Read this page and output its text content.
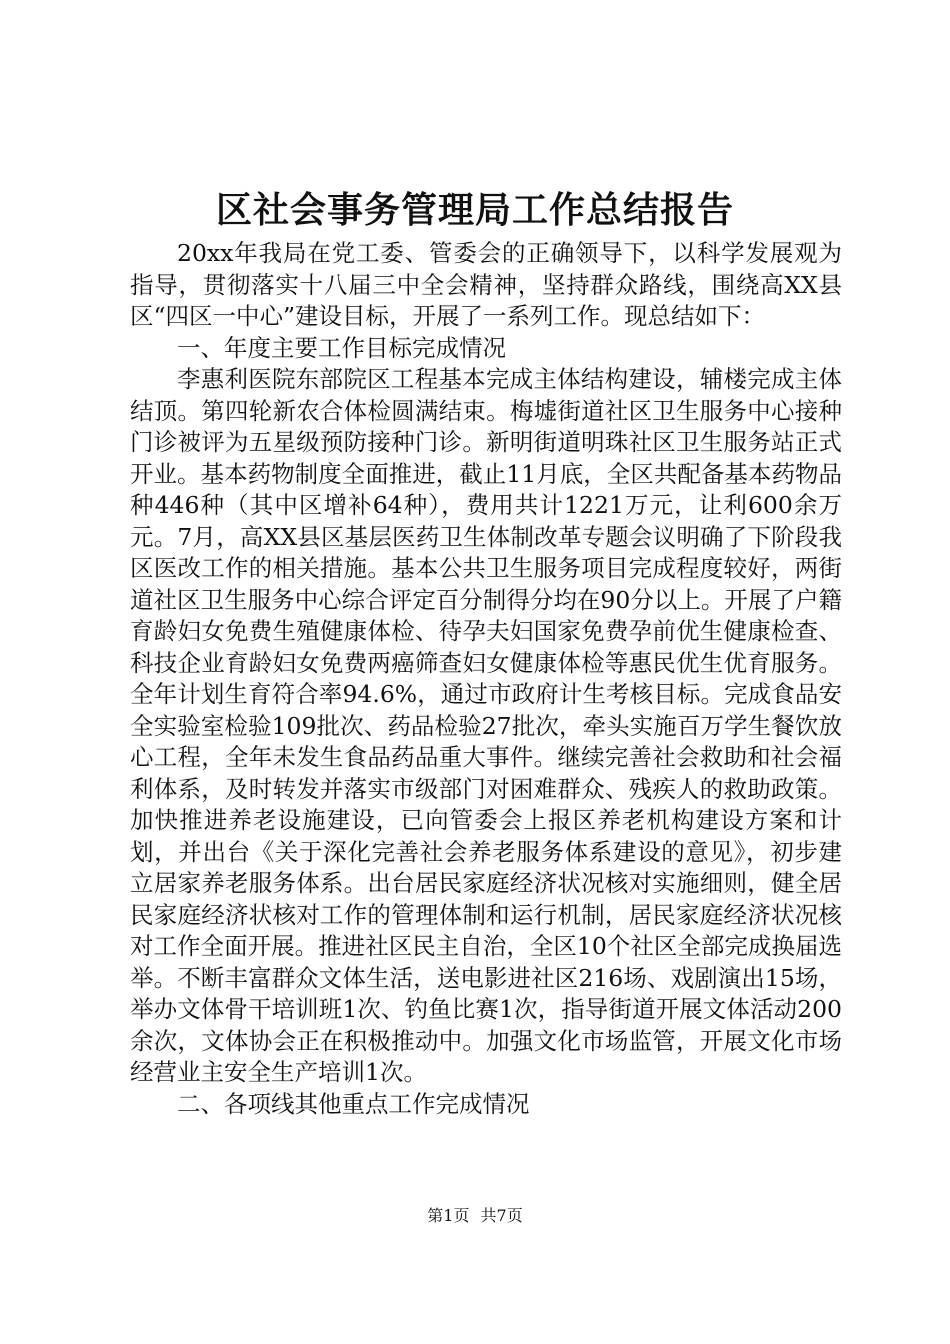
区社会事务管理局工作总结报告

20xx年我局在党工委、管委会的正确领导下，以科学发展观为指导，贯彻落实十八届三中全会精神，坚持群众路线，围绕高XX县区“四区一中心”建设目标，开展了一系列工作。现总结如下：

一、年度主要工作目标完成情况

李惠利医院东部院区工程基本完成主体结构建设，辅楼完成主体结顶。第四轮新农合体检圆满结束。梅墟街道社区卫生服务中心接种门诊被评为五星级预防接种门诊。新明街道明珠社区卫生服务站正式开业。基本药物制度全面推进，截止11月底，全区共配备基本药物品种446种（其中区增补64种），费用共计1221万元，让利600余万元。7月，高XX县区基层医药卫生体制改革专题会议明确了下阶段我区医改工作的相关措施。基本公共卫生服务项目完成程度较好，两街道社区卫生服务中心综合评定百分制得分均在90分以上。开展了户籍育龄妇女免费生殖健康体检、待孕夫妇国家免费孕前优生健康检查、科技企业育龄妇女免费两癌筛查妇女健康体检等惠民优生优育服务。全年计划生育符合率94.6%，通过市政府计生考核目标。完成食品安全实验室检验109批次、药品检验27批次，牵头实施百万学生餐饮放心工程，全年未发生食品药品重大事件。继续完善社会救助和社会福利体系，及时转发并落实市级部门对困难群众、残疾人的救助政策。加快推进养老设施建设，已向管委会上报区养老机构建设方案和计划，并出台《关于深化完善社会养老服务体系建设的意见》，初步建立居家养老服务体系。出台居民家庭经济状况核对实施细则，健全居民家庭经济状核对工作的管理体制和运行机制，居民家庭经济状况核对工作全面开展。推进社区民主自治，全区10个社区全部完成换届选举。不断丰富群众文体生活，送电影进社区216场、戏剧演出15场，举办文体骨干培训班1次、钓鱼比赛1次，指导街道开展文体活动200余次，文体协会正在积极推动中。加强文化市场监管，开展文化市场经营业主安全生产培训1次。

二、各项线其他重点工作完成情况

第1页 共7页
